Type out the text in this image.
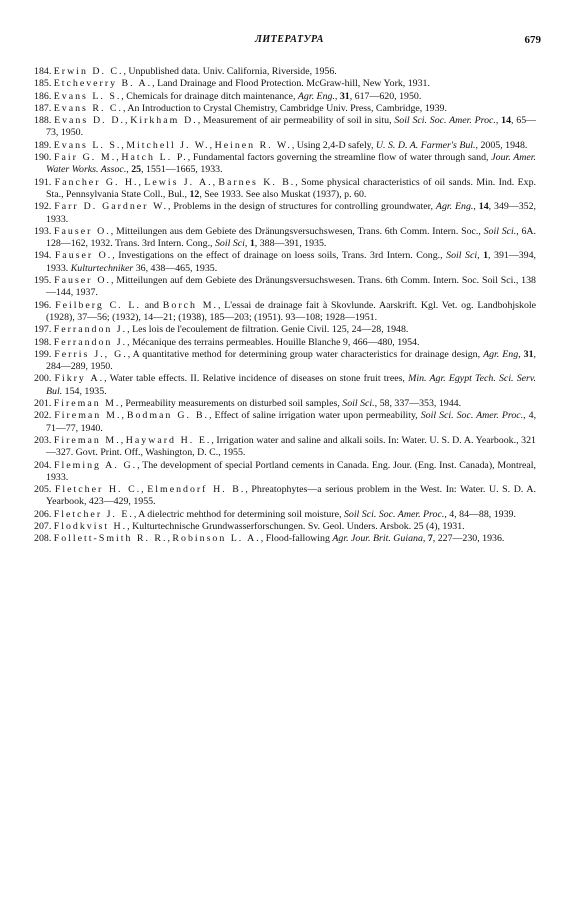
ЛИТЕРАТУРА	679
184. Erwin D. C., Unpublished data. Univ. California, Riverside, 1956.
185. Etcheverry B. A., Land Drainage and Flood Protection. McGraw-hill, New York, 1931.
186. Evans L. S., Chemicals for drainage ditch maintenance, Agr. Eng., 31, 617—620, 1950.
187. Evans R. C., An Introduction to Crystal Chemistry, Cambridge Univ. Press, Cambridge, 1939.
188. Evans D. D., Kirkham D., Measurement of air permeability of soil in situ, Soil Sci. Soc. Amer. Proc., 14, 65—73, 1950.
189. Evans L. S., Mitchell J. W., Heinen R. W., Using 2,4-D safely, U. S. D. A. Farmer's Bul., 2005, 1948.
190. Fair G. M., Hatch L. P., Fundamental factors governing the streamline flow of water through sand, Jour. Amer. Water Works. Assoc., 25, 1551—1665, 1933.
191. Fancher G. H., Lewis J. A., Barnes K. B., Some physical characteristics of oil sands. Min. Ind. Exp. Sta., Pennsylvania State Coll., Bul., 12, See 1933. See also Muskat (1937), p. 60.
192. Farr D. Gardner W., Problems in the design of structures for controlling groundwater, Agr. Eng., 14, 349—352, 1933.
193. Fauser O., Mitteilungen aus dem Gebiete des Dränungsversuchswesen, Trans. 6th Comm. Intern. Soc., Soil Sci., 6A. 128—162, 1932. Trans. 3rd Intern. Cong., Soil Sci, 1, 388—391, 1935.
194. Fauser O., Investigations on the effect of drainage on loess soils, Trans. 3rd Intern. Cong., Soil Sci, 1, 391—394, 1933. Kulturtechniker 36, 438—465, 1935.
195. Fauser O., Mitteilungen auf dem Gebiete des Dränungsversuchswesen. Trans. 6th Comm. Intern. Soc. Soil Sci., 138—144, 1937.
196. Feilberg C. L. and Borch M., L'essai de drainage fait à Skovlunde. Aarskrift. Kgl. Vet. og. Landbohjskole (1928), 37—56; (1932), 14—21; (1938), 185—203; (1951). 93—108; 1928—1951.
197. Ferrandon J., Les lois de l'ecoulement de filtration. Genie Civil. 125, 24—28, 1948.
198. Ferrandon J., Mécanique des terrains permeables. Houille Blanche 9, 466—480, 1954.
199. Ferris J., G., A quantitative method for determining group water characteristics for drainage design, Agr. Eng, 31, 284—289, 1950.
200. Fikry A., Water table effects. II. Relative incidence of diseases on stone fruit trees, Min. Agr. Egypt Tech. Sci. Serv. Bul. 154, 1935.
201. Fireman M., Permeability measurements on disturbed soil samples, Soil Sci., 58, 337—353, 1944.
202. Fireman M., Bodman G. B., Effect of saline irrigation water upon permeability, Soil Sci. Soc. Amer. Proc., 4, 71—77, 1940.
203. Fireman M., Hayward H. E., Irrigation water and saline and alkali soils. In: Water. U. S. D. A. Yearbook., 321—327. Govt. Print. Off., Washington, D. C., 1955.
204. Fleming A. G., The development of special Portland cements in Canada. Eng. Jour. (Eng. Inst. Canada), Montreal, 1933.
205. Fletcher H. C., Elmendorf H. B., Phreatophytes—a serious problem in the West. In: Water. U. S. D. A. Yearbook, 423—429, 1955.
206. Fletcher J. E., A dielectric mehthod for determining soil moisture, Soil Sci. Soc. Amer. Proc., 4, 84—88, 1939.
207. Flodkvist H., Kulturtechnische Grundwasserforschungen. Sv. Geol. Unders. Arsbok. 25 (4), 1931.
208. Follett-Smith R. R., Robinson L. A., Flood-fallowing Agr. Jour. Brit. Guiana, 7, 227—230, 1936.
